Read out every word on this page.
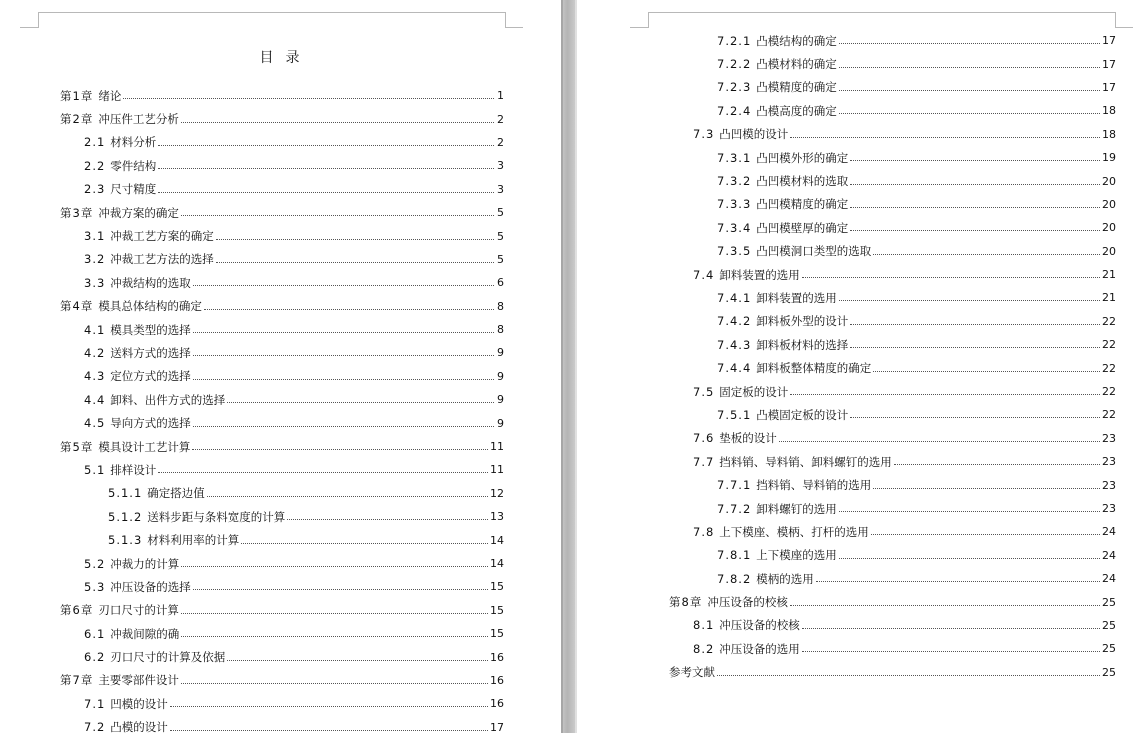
目录
第1章 绪论	1
第2章 冲压件工艺分析	2
2.1 材料分析	2
2.2 零件结构	3
2.3 尺寸精度	3
第3章 冲裁方案的确定	5
3.1 冲裁工艺方案的确定	5
3.2 冲裁工艺方法的选择	5
3.3 冲裁结构的选取	6
第4章 模具总体结构的确定	8
4.1 模具类型的选择	8
4.2 送料方式的选择	9
4.3 定位方式的选择	9
4.4 卸料、出件方式的选择	9
4.5 导向方式的选择	9
第5章 模具设计工艺计算	11
5.1 排样设计	11
5.1.1 确定搭边值	12
5.1.2 送料步距与条料宽度的计算	13
5.1.3 材料利用率的计算	14
5.2 冲裁力的计算	14
5.3 冲压设备的选择	15
第6章 刃口尺寸的计算	15
6.1 冲裁间隙的确	15
6.2 刃口尺寸的计算及依据	16
第7章 主要零部件设计	16
7.1 凹模的设计	16
7.2 凸模的设计	17
7.2.1 凸模结构的确定	17
7.2.2 凸模材料的确定	17
7.2.3 凸模精度的确定	17
7.2.4 凸模高度的确定	18
7.3 凸凹模的设计	18
7.3.1 凸凹模外形的确定	19
7.3.2 凸凹模材料的选取	20
7.3.3 凸凹模精度的确定	20
7.3.4 凸凹模壁厚的确定	20
7.3.5 凸凹模洞口类型的选取	20
7.4 卸料装置的选用	21
7.4.1 卸料装置的选用	21
7.4.2 卸料板外型的设计	22
7.4.3 卸料板材料的选择	22
7.4.4 卸料板整体精度的确定	22
7.5 固定板的设计	22
7.5.1 凸模固定板的设计	22
7.6 垫板的设计	23
7.7 挡料销、导料销、卸料螺钉的选用	23
7.7.1 挡料销、导料销的选用	23
7.7.2 卸料螺钉的选用	23
7.8 上下模座、模柄、打杆的选用	24
7.8.1 上下模座的选用	24
7.8.2 模柄的选用	24
第8章 冲压设备的校核	25
8.1 冲压设备的校核	25
8.2 冲压设备的选用	25
参考文献	25
